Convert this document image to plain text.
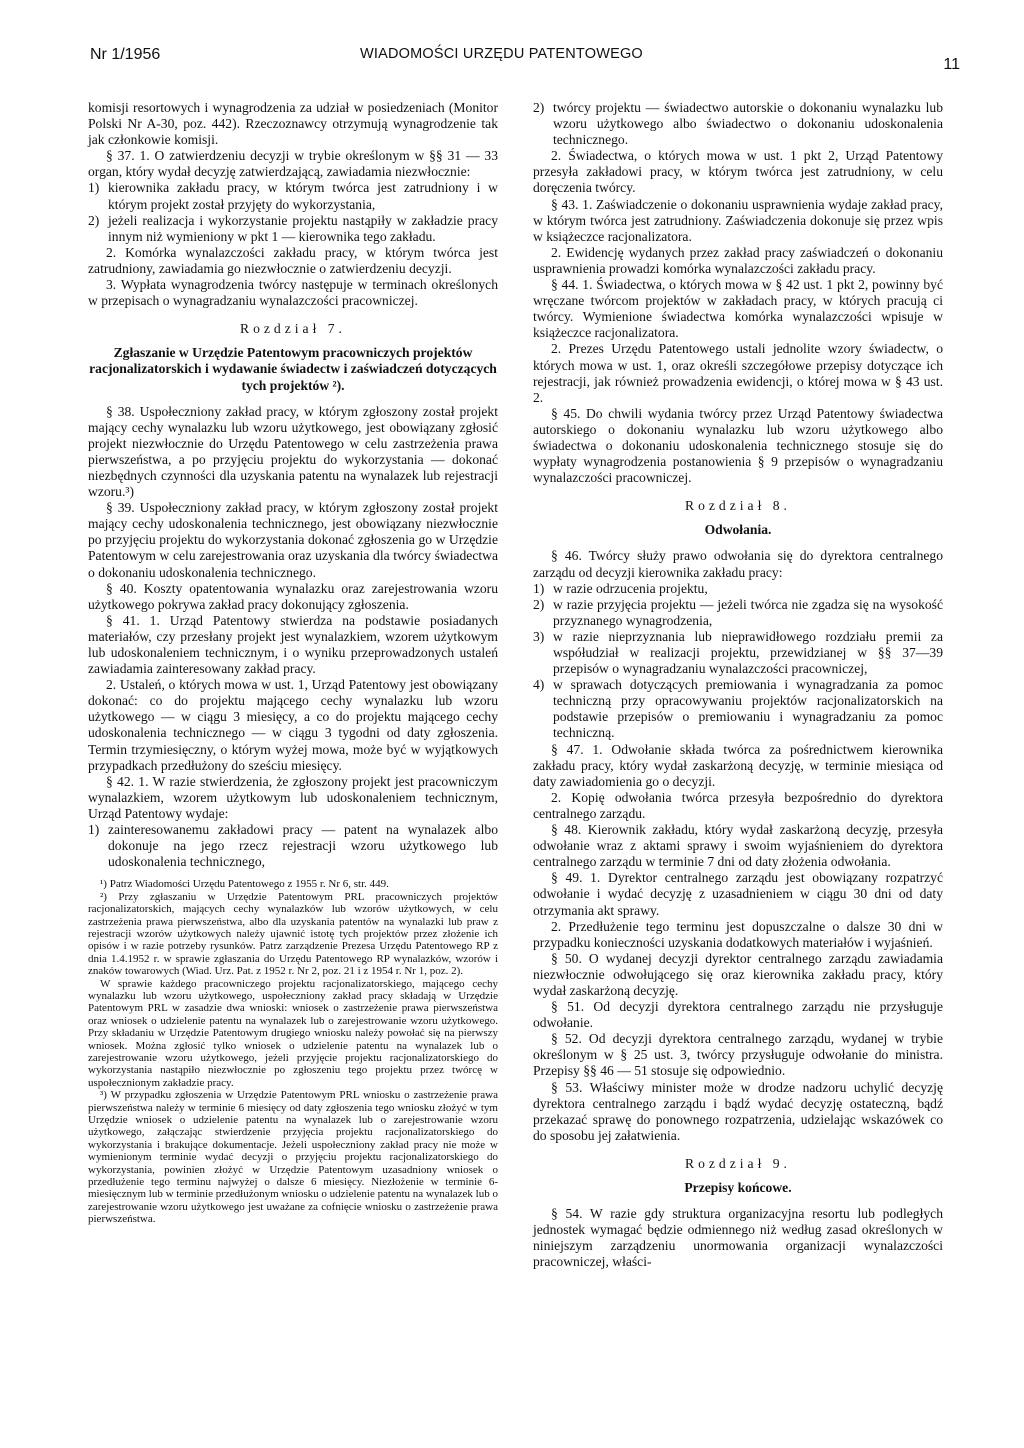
Nr 1/1956	WIADOMOŚCI URZĘDU PATENTOWEGO
11

komisji resortowych i wynagrodzenia za udział w posiedzeniach (Monitor Polski Nr A-30, poz. 442). Rzeczoznawcy otrzymują wynagrodzenie tak jak członkowie komisji.

§ 37. 1. O zatwierdzeniu decyzji w trybie określonym w §§ 31 — 33 organ, który wydał decyzję zatwierdzającą, zawiadamia niezwłocznie:

1) kierownika zakładu pracy, w którym twórca jest zatrudniony i w którym projekt został przyjęty do wykorzystania,

2) jeżeli realizacja i wykorzystanie projektu nastąpiły w zakładzie pracy innym niż wymieniony w pkt 1 — kierownika tego zakładu.

2. Komórka wynalazczości zakładu pracy, w którym twórca jest zatrudniony, zawiadamia go niezwłocznie o zatwierdzeniu decyzji.

3. Wypłata wynagrodzenia twórcy następuje w terminach określonych w przepisach o wynagradzaniu wynalazczości pracowniczej.

Rozdział 7.

Zgłaszanie w Urzędzie Patentowym pracowniczych projektów racjonalizatorskich i wydawanie świadectw i zaświadczeń dotyczących tych projektów ²).

§ 38. Uspołeczniony zakład pracy, w którym zgłoszony został projekt mający cechy wynalazku lub wzoru użytkowego, jest obowiązany zgłosić projekt niezwłocznie do Urzędu Patentowego w celu zastrzeżenia prawa pierwszeństwa, a po przyjęciu projektu do wykorzystania — dokonać niezbędnych czynności dla uzyskania patentu na wynalazek lub rejestracji wzoru.³)

§ 39. Uspołeczniony zakład pracy, w którym zgłoszony został projekt mający cechy udoskonalenia technicznego, jest obowiązany niezwłocznie po przyjęciu projektu do wykorzystania dokonać zgłoszenia go w Urzędzie Patentowym w celu zarejestrowania oraz uzyskania dla twórcy świadectwa o dokonaniu udoskonalenia technicznego.

§ 40. Koszty opatentowania wynalazku oraz zarejestrowania wzoru użytkowego pokrywa zakład pracy dokonujący zgłoszenia.

§ 41. 1. Urząd Patentowy stwierdza na podstawie posiadanych materiałów, czy przesłany projekt jest wynalazkiem, wzorem użytkowym lub udoskonaleniem technicznym, i o wyniku przeprowadzonych ustaleń zawiadamia zainteresowany zakład pracy.

2. Ustaleń, o których mowa w ust. 1, Urząd Patentowy jest obowiązany dokonać: co do projektu mającego cechy wynalazku lub wzoru użytkowego — w ciągu 3 miesięcy, a co do projektu mającego cechy udoskonalenia technicznego — w ciągu 3 tygodni od daty zgłoszenia. Termin trzymiesięczny, o którym wyżej mowa, może być w wyjątkowych przypadkach przedłużony do sześciu miesięcy.

§ 42. 1. W razie stwierdzenia, że zgłoszony projekt jest pracowniczym wynalazkiem, wzorem użytkowym lub udoskonaleniem technicznym, Urząd Patentowy wydaje:

1) zainteresowanemu zakładowi pracy — patent na wynalazek albo dokonuje na jego rzecz rejestracji wzoru użytkowego lub udoskonalenia technicznego,

¹) Patrz Wiadomości Urzędu Patentowego z 1955 r. Nr 6, str. 449.

²) Przy zgłaszaniu w Urzędzie Patentowym PRL pracowniczych projektów racjonalizatorskich, mających cechy wynalazków lub wzorów użytkowych, w celu zastrzeżenia prawa pierwszeństwa, albo dla uzyskania patentów na wynalazki lub praw z rejestracji wzorów użytkowych należy ujawnić istotę tych projektów przez złożenie ich opisów i w razie potrzeby rysunków. Patrz zarządzenie Prezesa Urzędu Patentowego RP z dnia 1.4.1952 r. w sprawie zgłaszania do Urzędu Patentowego RP wynalazków, wzorów i znaków towarowych (Wiad. Urz. Pat. z 1952 r. Nr 2, poz. 21 i z 1954 r. Nr 1, poz. 2).

W sprawie każdego pracowniczego projektu racjonalizatorskiego, mającego cechy wynalazku lub wzoru użytkowego, uspołeczniony zakład pracy składają w Urzędzie Patentowym PRL w zasadzie dwa wnioski: wniosek o zastrzeżenie prawa pierwszeństwa oraz wniosek o udzielenie patentu na wynalazek lub o zarejestrowanie wzoru użytkowego. Przy składaniu w Urzędzie Patentowym drugiego wniosku należy powołać się na pierwszy wniosek. Można zgłosić tylko wniosek o udzielenie patentu na wynalazek lub o zarejestrowanie wzoru użytkowego, jeżeli przyjęcie projektu racjonalizatorskiego do wykorzystania nastąpiło niezwłocznie po zgłoszeniu tego projektu przez twórcę w uspołecznionym zakładzie pracy.

³) W przypadku zgłoszenia w Urzędzie Patentowym PRL wniosku o zastrzeżenie prawa pierwszeństwa należy w terminie 6 miesięcy od daty zgłoszenia tego wniosku złożyć w tym Urzędzie wniosek o udzielenie patentu na wynalazek lub o zarejestrowanie wzoru użytkowego, załączając stwierdzenie przyjęcia projektu racjonalizatorskiego do wykorzystania i brakujące dokumentacje. Jeżeli uspołeczniony zakład pracy nie może w wymienionym terminie wydać decyzji o przyjęciu projektu racjonalizatorskiego do wykorzystania, powinien złożyć w Urzędzie Patentowym uzasadniony wniosek o przedłużenie tego terminu najwyżej o dalsze 6 miesięcy. Niezłożenie w terminie 6-miesięcznym lub w terminie przedłużonym wniosku o udzielenie patentu na wynalazek lub o zarejestrowanie wzoru użytkowego jest uważane za cofnięcie wniosku o zastrzeżenie prawa pierwszeństwa.

2) twórcy projektu — świadectwo autorskie o dokonaniu wynalazku lub wzoru użytkowego albo świadectwo o dokonaniu udoskonalenia technicznego.

2. Świadectwa, o których mowa w ust. 1 pkt 2, Urząd Patentowy przesyła zakładowi pracy, w którym twórca jest zatrudniony, w celu doręczenia twórcy.

§ 43. 1. Zaświadczenie o dokonaniu usprawnienia wydaje zakład pracy, w którym twórca jest zatrudniony. Zaświadczenia dokonuje się przez wpis w książeczce racjonalizatora.

2. Ewidencję wydanych przez zakład pracy zaświadczeń o dokonaniu usprawnienia prowadzi komórka wynalazczości zakładu pracy.

§ 44. 1. Świadectwa, o których mowa w § 42 ust. 1 pkt 2, powinny być wręczane twórcom projektów w zakładach pracy, w których pracują ci twórcy. Wymienione świadectwa komórka wynalazczości wpisuje w książeczce racjonalizatora.

2. Prezes Urzędu Patentowego ustali jednolite wzory świadectw, o których mowa w ust. 1, oraz określi szczegółowe przepisy dotyczące ich rejestracji, jak również prowadzenia ewidencji, o której mowa w § 43 ust. 2.

§ 45. Do chwili wydania twórcy przez Urząd Patentowy świadectwa autorskiego o dokonaniu wynalazku lub wzoru użytkowego albo świadectwa o dokonaniu udoskonalenia technicznego stosuje się do wypłaty wynagrodzenia postanowienia § 9 przepisów o wynagradzaniu wynalazczości pracowniczej.

Rozdział 8.

Odwołania.

§ 46. Twórcy służy prawo odwołania się do dyrektora centralnego zarządu od decyzji kierownika zakładu pracy:

1) w razie odrzucenia projektu,

2) w razie przyjęcia projektu — jeżeli twórca nie zgadza się na wysokość przyznanego wynagrodzenia,

3) w razie nieprzyznania lub nieprawidłowego rozdziału premii za współudział w realizacji projektu, przewidzianej w §§ 37—39 przepisów o wynagradzaniu wynalazczości pracowniczej,

4) w sprawach dotyczących premiowania i wynagradzania za pomoc techniczną przy opracowywaniu projektów racjonalizatorskich na podstawie przepisów o premiowaniu i wynagradzaniu za pomoc techniczną.

§ 47. 1. Odwołanie składa twórca za pośrednictwem kierownika zakładu pracy, który wydał zaskarżoną decyzję, w terminie miesiąca od daty zawiadomienia go o decyzji.

2. Kopię odwołania twórca przesyła bezpośrednio do dyrektora centralnego zarządu.

§ 48. Kierownik zakładu, który wydał zaskarżoną decyzję, przesyła odwołanie wraz z aktami sprawy i swoim wyjaśnieniem do dyrektora centralnego zarządu w terminie 7 dni od daty złożenia odwołania.

§ 49. 1. Dyrektor centralnego zarządu jest obowiązany rozpatrzyć odwołanie i wydać decyzję z uzasadnieniem w ciągu 30 dni od daty otrzymania akt sprawy.

2. Przedłużenie tego terminu jest dopuszczalne o dalsze 30 dni w przypadku konieczności uzyskania dodatkowych materiałów i wyjaśnień.

§ 50. O wydanej decyzji dyrektor centralnego zarządu zawiadamia niezwłocznie odwołującego się oraz kierownika zakładu pracy, który wydał zaskarżoną decyzję.

§ 51. Od decyzji dyrektora centralnego zarządu nie przysługuje odwołanie.

§ 52. Od decyzji dyrektora centralnego zarządu, wydanej w trybie określonym w § 25 ust. 3, twórcy przysługuje odwołanie do ministra. Przepisy §§ 46 — 51 stosuje się odpowiednio.

§ 53. Właściwy minister może w drodze nadzoru uchylić decyzję dyrektora centralnego zarządu i bądź wydać decyzję ostateczną, bądź przekazać sprawę do ponownego rozpatrzenia, udzielając wskazówek co do sposobu jej załatwienia.

Rozdział 9.

Przepisy końcowe.

§ 54. W razie gdy struktura organizacyjna resortu lub podległych jednostek wymagać będzie odmiennego niż według zasad określonych w niniejszym zarządzeniu unormowania organizacji wynalazczości pracowniczej, właści-
